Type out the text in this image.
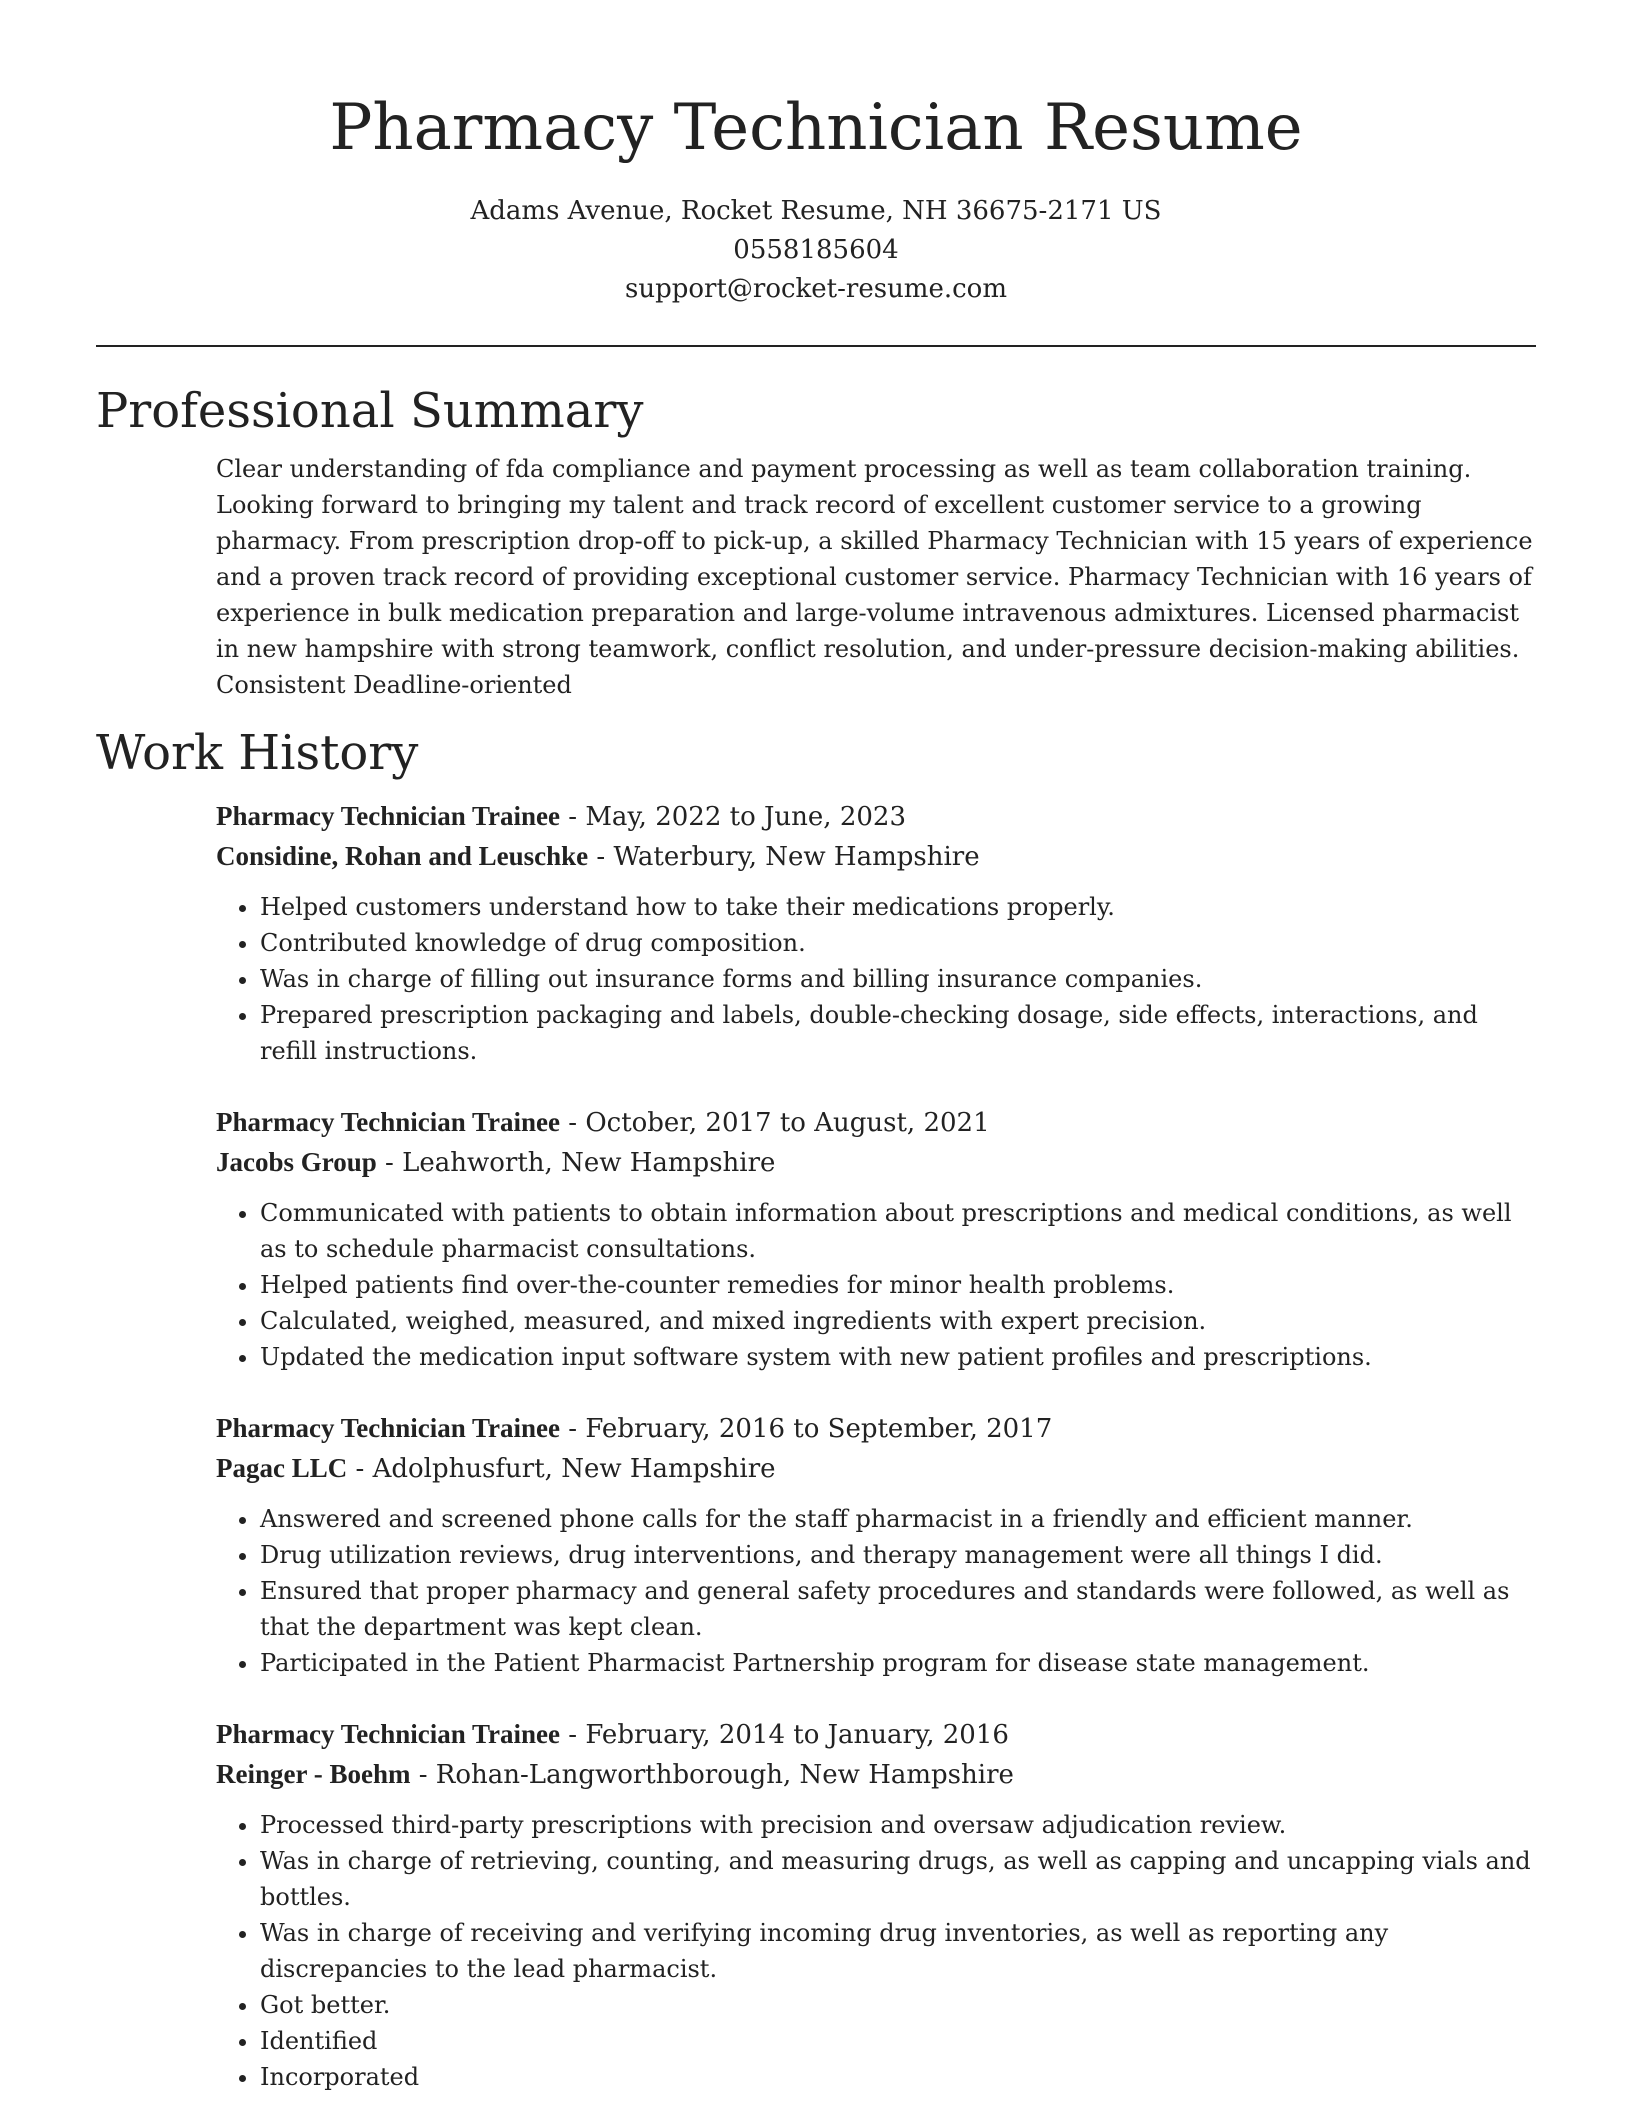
Pharmacy Technician Resume
Adams Avenue, Rocket Resume, NH 36675-2171 US
0558185604
support@rocket-resume.com
Professional Summary

Clear understanding of fda compliance and payment processing as well as team collaboration training. Looking forward to bringing my talent and track record of excellent customer service to a growing pharmacy. From prescription drop-off to pick-up, a skilled Pharmacy Technician with 15 years of experience and a proven track record of providing exceptional customer service. Pharmacy Technician with 16 years of experience in bulk medication preparation and large-volume intravenous admixtures. Licensed pharmacist in new hampshire with strong teamwork, conflict resolution, and under-pressure decision-making abilities. Consistent Deadline-oriented

Work History
Pharmacy Technician Trainee - May, 2022 to June, 2023
Considine, Rohan and Leuschke - Waterbury, New Hampshire
• Helped customers understand how to take their medications properly.
• Contributed knowledge of drug composition.
• Was in charge of filling out insurance forms and billing insurance companies.
• Prepared prescription packaging and labels, double-checking dosage, side effects, interactions, and refill instructions.
Pharmacy Technician Trainee - October, 2017 to August, 2021
Jacobs Group - Leahworth, New Hampshire
• Communicated with patients to obtain information about prescriptions and medical conditions, as well as to schedule pharmacist consultations.
• Helped patients find over-the-counter remedies for minor health problems.
• Calculated, weighed, measured, and mixed ingredients with expert precision.
• Updated the medication input software system with new patient profiles and prescriptions.
Pharmacy Technician Trainee - February, 2016 to September, 2017
Pagac LLC - Adolphusfurt, New Hampshire
• Answered and screened phone calls for the staff pharmacist in a friendly and efficient manner.
• Drug utilization reviews, drug interventions, and therapy management were all things I did.
• Ensured that proper pharmacy and general safety procedures and standards were followed, as well as that the department was kept clean.
• Participated in the Patient Pharmacist Partnership program for disease state management.
Pharmacy Technician Trainee - February, 2014 to January, 2016
Reinger - Boehm - Rohan-Langworthborough, New Hampshire
• Processed third-party prescriptions with precision and oversaw adjudication review.
• Was in charge of retrieving, counting, and measuring drugs, as well as capping and uncapping vials and bottles.
• Was in charge of receiving and verifying incoming drug inventories, as well as reporting any discrepancies to the lead pharmacist.
• Got better.
• Identified
• Incorporated
